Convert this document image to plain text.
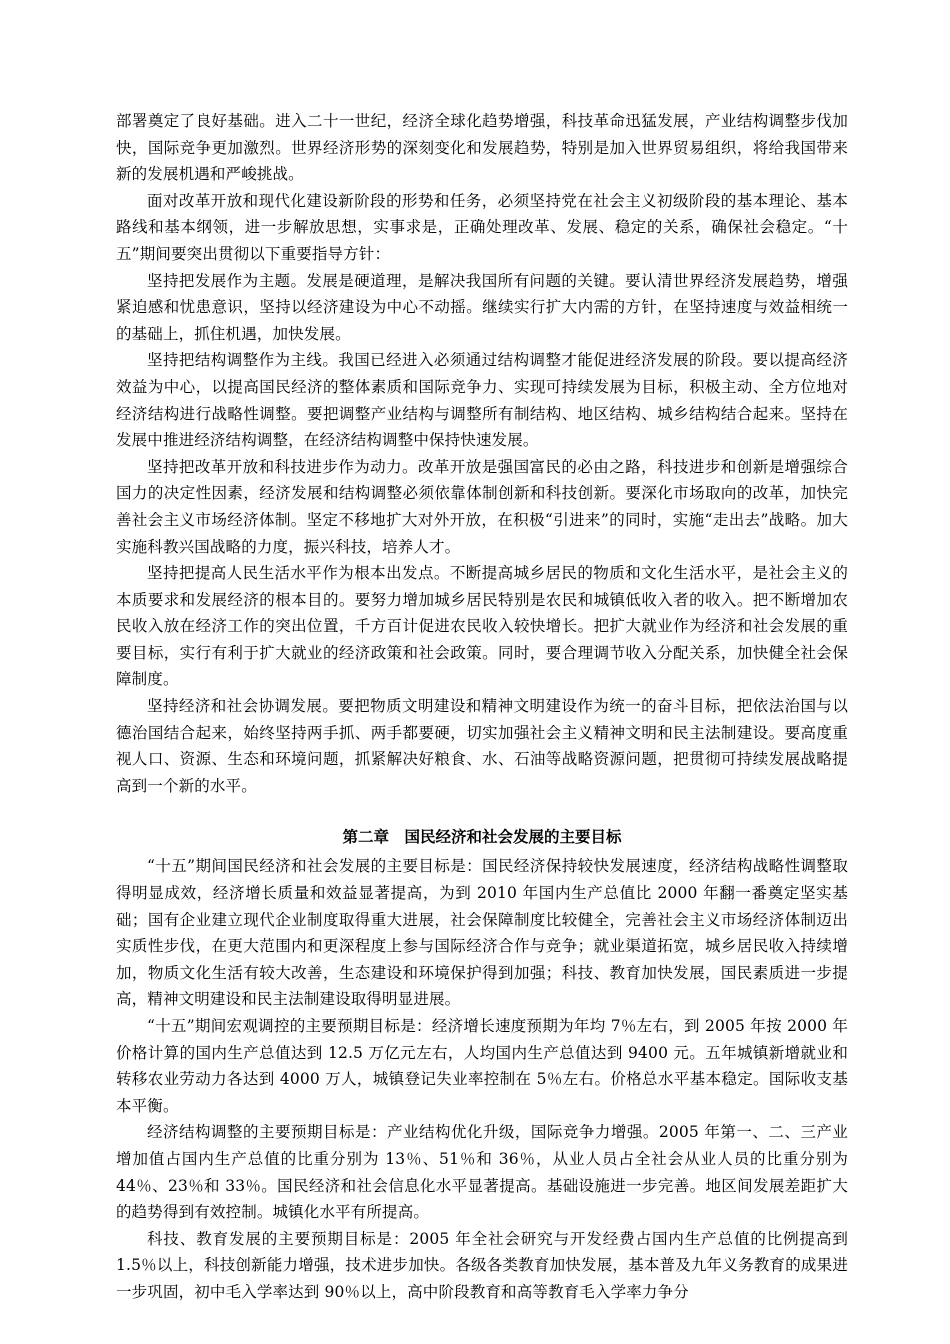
部署奠定了良好基础。进入二十一世纪，经济全球化趋势增强，科技革命迅猛发展，产业结构调整步伐加快，国际竞争更加激烈。世界经济形势的深刻变化和发展趋势，特别是加入世界贸易组织，将给我国带来新的发展机遇和严峻挑战。

面对改革开放和现代化建设新阶段的形势和任务，必须坚持党在社会主义初级阶段的基本理论、基本路线和基本纲领，进一步解放思想，实事求是，正确处理改革、发展、稳定的关系，确保社会稳定。“十五”期间要突出贯彻以下重要指导方针：

坚持把发展作为主题。发展是硬道理，是解决我国所有问题的关键。要认清世界经济发展趋势，增强紧迫感和忧患意识，坚持以经济建设为中心不动摇。继续实行扩大内需的方针，在坚持速度与效益相统一的基础上，抓住机遇，加快发展。

坚持把结构调整作为主线。我国已经进入必须通过结构调整才能促进经济发展的阶段。要以提高经济效益为中心，以提高国民经济的整体素质和国际竞争力、实现可持续发展为目标，积极主动、全方位地对经济结构进行战略性调整。要把调整产业结构与调整所有制结构、地区结构、城乡结构结合起来。坚持在发展中推进经济结构调整，在经济结构调整中保持快速发展。

坚持把改革开放和科技进步作为动力。改革开放是强国富民的必由之路，科技进步和创新是增强综合国力的决定性因素，经济发展和结构调整必须依靠体制创新和科技创新。要深化市场取向的改革，加快完善社会主义市场经济体制。坚定不移地扩大对外开放，在积极“引进来”的同时，实施“走出去”战略。加大实施科教兴国战略的力度，振兴科技，培养人才。

坚持把提高人民生活水平作为根本出发点。不断提高城乡居民的物质和文化生活水平，是社会主义的本质要求和发展经济的根本目的。要努力增加城乡居民特别是农民和城镇低收入者的收入。把不断增加农民收入放在经济工作的突出位置，千方百计促进农民收入较快增长。把扩大就业作为经济和社会发展的重要目标，实行有利于扩大就业的经济政策和社会政策。同时，要合理调节收入分配关系，加快健全社会保障制度。

坚持经济和社会协调发展。要把物质文明建设和精神文明建设作为统一的奋斗目标，把依法治国与以德治国结合起来，始终坚持两手抓、两手都要硬，切实加强社会主义精神文明和民主法制建设。要高度重视人口、资源、生态和环境问题，抓紧解决好粮食、水、石油等战略资源问题，把贯彻可持续发展战略提高到一个新的水平。

第二章　国民经济和社会发展的主要目标

“十五”期间国民经济和社会发展的主要目标是：国民经济保持较快发展速度，经济结构战略性调整取得明显成效，经济增长质量和效益显著提高，为到 2010 年国内生产总值比 2000 年翻一番奠定坚实基础；国有企业建立现代企业制度取得重大进展，社会保障制度比较健全，完善社会主义市场经济体制迈出实质性步伐，在更大范围内和更深程度上参与国际经济合作与竞争；就业渠道拓宽，城乡居民收入持续增加，物质文化生活有较大改善，生态建设和环境保护得到加强；科技、教育加快发展，国民素质进一步提高，精神文明建设和民主法制建设取得明显进展。

“十五”期间宏观调控的主要预期目标是：经济增长速度预期为年均 7％左右，到 2005 年按 2000 年价格计算的国内生产总值达到 12.5 万亿元左右，人均国内生产总值达到 9400 元。五年城镇新增就业和转移农业劳动力各达到 4000 万人，城镇登记失业率控制在 5％左右。价格总水平基本稳定。国际收支基本平衡。

经济结构调整的主要预期目标是：产业结构优化升级，国际竞争力增强。2005 年第一、二、三产业增加值占国内生产总值的比重分别为 13％、51％和 36％，从业人员占全社会从业人员的比重分别为 44％、23％和 33％。国民经济和社会信息化水平显著提高。基础设施进一步完善。地区间发展差距扩大的趋势得到有效控制。城镇化水平有所提高。

科技、教育发展的主要预期目标是：2005 年全社会研究与开发经费占国内生产总值的比例提高到 1.5％以上，科技创新能力增强，技术进步加快。各级各类教育加快发展，基本普及九年义务教育的成果进一步巩固，初中毛入学率达到 90％以上，高中阶段教育和高等教育毛入学率力争分
